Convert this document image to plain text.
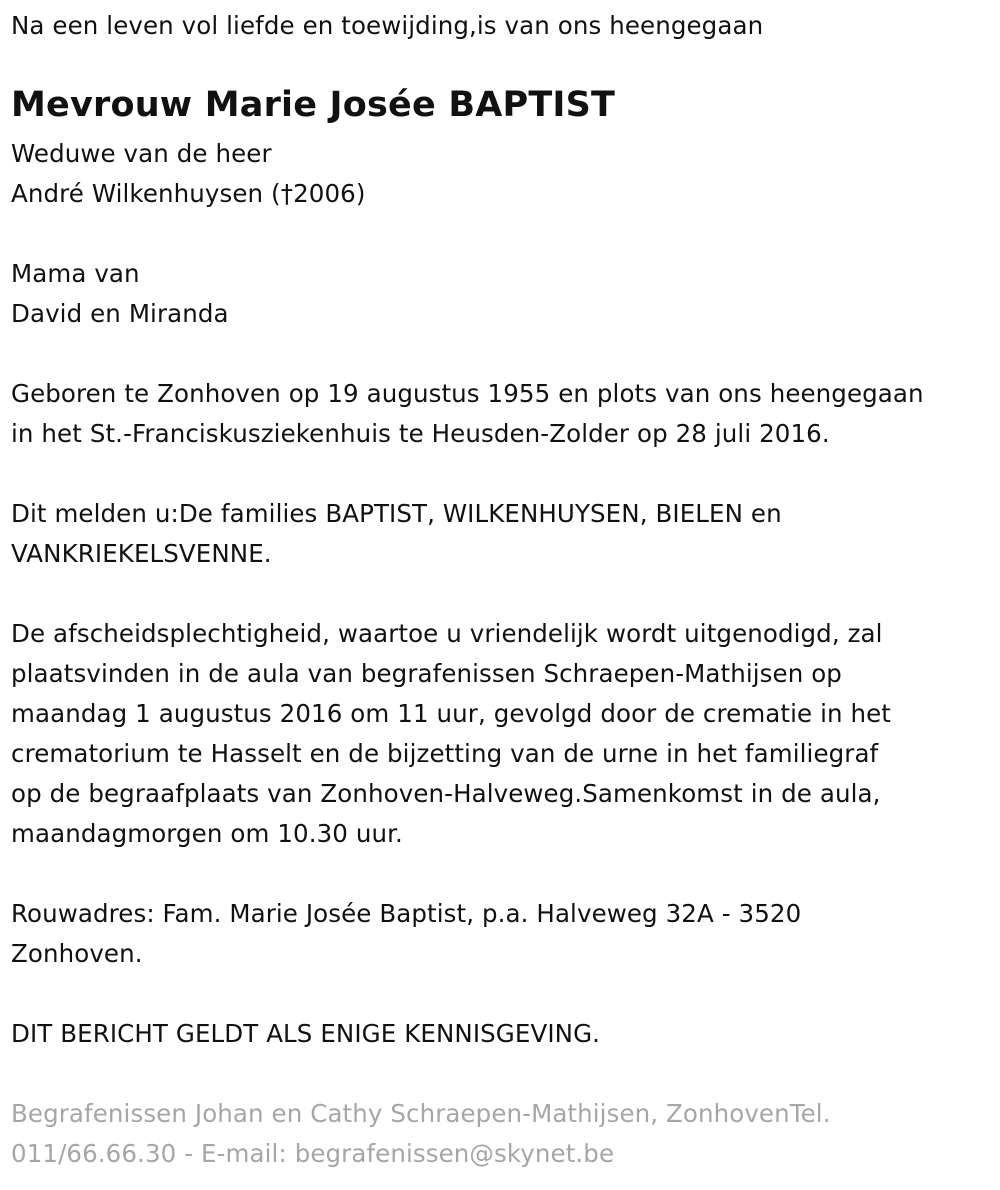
Na een leven vol liefde en toewijding,is van ons heengegaan
Mevrouw Marie Josée BAPTIST
Weduwe van de heer
André Wilkenhuysen (†2006)
Mama van
David en Miranda
Geboren te Zonhoven op 19 augustus 1955 en plots van ons heengegaan
in het St.-Franciskusziekenhuis te Heusden-Zolder op 28 juli 2016.
Dit melden u:De families BAPTIST, WILKENHUYSEN, BIELEN en
VANKRIEKELSVENNE.
De afscheidsplechtigheid, waartoe u vriendelijk wordt uitgenodigd, zal
plaatsvinden in de aula van begrafenissen Schraepen-Mathijsen op
maandag 1 augustus 2016 om 11 uur, gevolgd door de crematie in het
crematorium te Hasselt en de bijzetting van de urne in het familiegraf
op de begraafplaats van Zonhoven-Halveweg.Samenkomst in de aula,
maandagmorgen om 10.30 uur.
Rouwadres: Fam. Marie Josée Baptist, p.a. Halveweg 32A - 3520
Zonhoven.
DIT BERICHT GELDT ALS ENIGE KENNISGEVING.
Begrafenissen Johan en Cathy Schraepen-Mathijsen, ZonhovenTel.
011/66.66.30 - E-mail: begrafenissen@skynet.be
